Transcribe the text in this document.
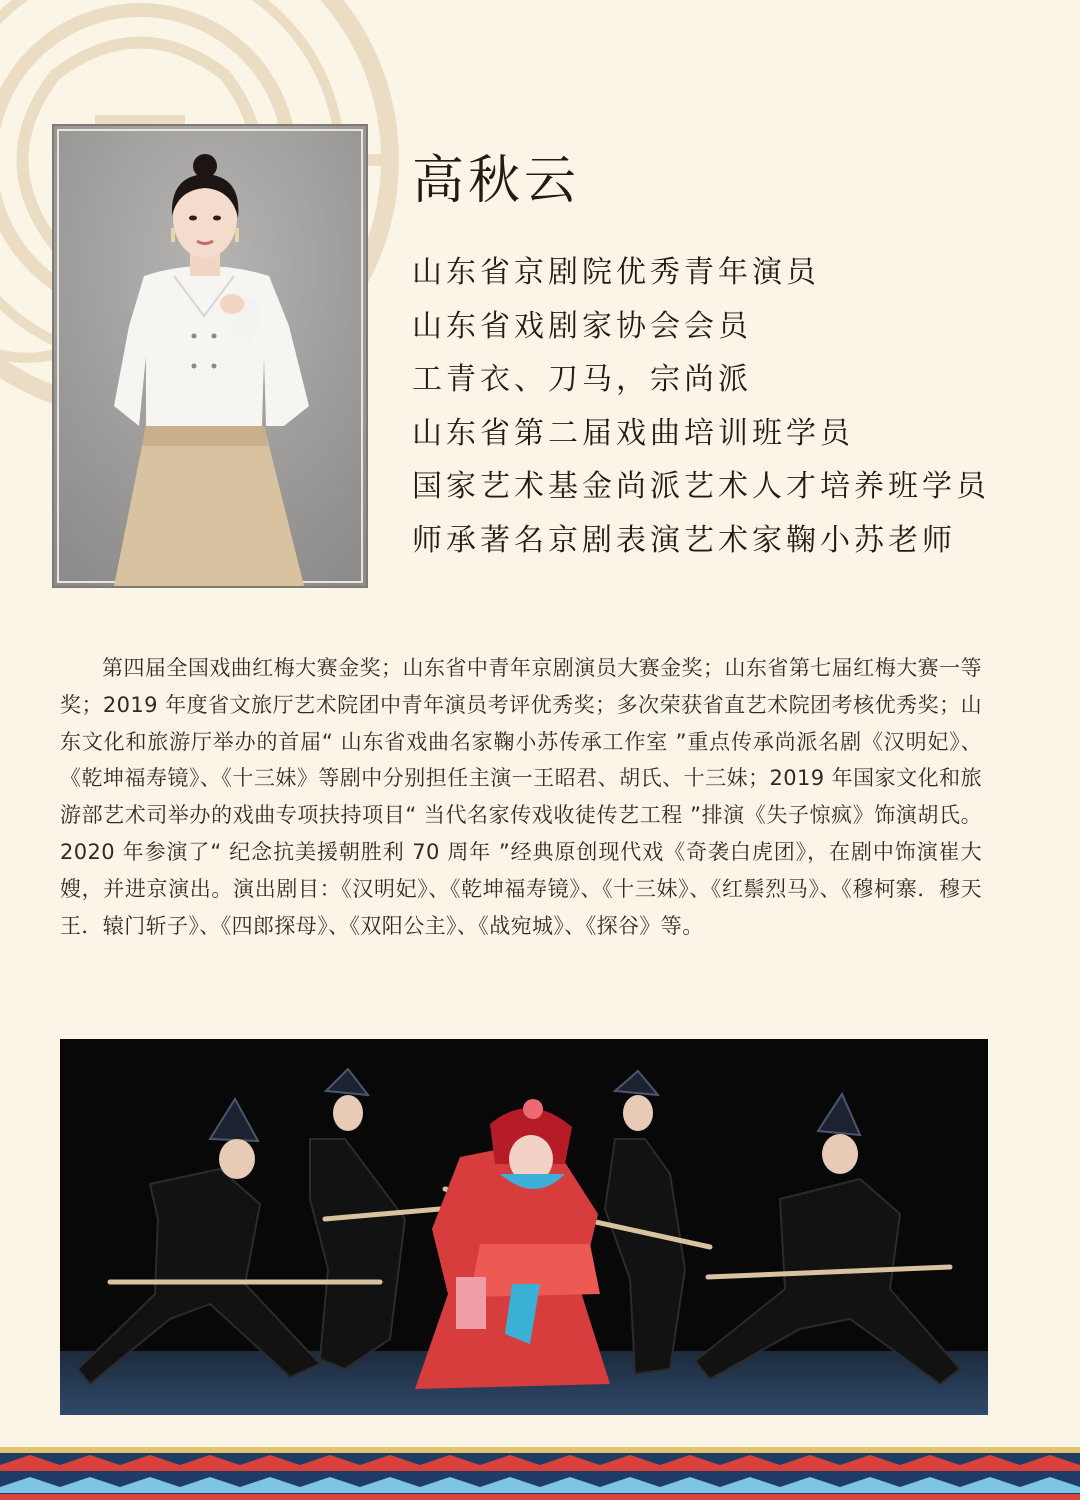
高秋云
山东省京剧院优秀青年演员
山东省戏剧家协会会员
工青衣、刀马，宗尚派
山东省第二届戏曲培训班学员
国家艺术基金尚派艺术人才培养班学员
师承著名京剧表演艺术家鞠小苏老师

第四届全国戏曲红梅大赛金奖；山东省中青年京剧演员大赛金奖；山东省第七届红梅大赛一等奖；2019 年度省文旅厅艺术院团中青年演员考评优秀奖；多次荣获省直艺术院团考核优秀奖；山东文化和旅游厅举办的首届“ 山东省戏曲名家鞠小苏传承工作室 ”重点传承尚派名剧《汉明妃》、《乾坤福寿镜》、《十三妹》等剧中分别担任主演一王昭君、胡氏、十三妹；2019 年国家文化和旅游部艺术司举办的戏曲专项扶持项目“ 当代名家传戏收徒传艺工程 ”排演《失子惊疯》饰演胡氏。2020 年参演了“ 纪念抗美援朝胜利 70 周年 ”经典原创现代戏《奇袭白虎团》，在剧中饰演崔大嫂，并进京演出。演出剧目：《汉明妃》、《乾坤福寿镜》、《十三妹》、《红鬃烈马》、《穆柯寨．穆天王．辕门斩子》、《四郎探母》、《双阳公主》、《战宛城》、《探谷》等。
